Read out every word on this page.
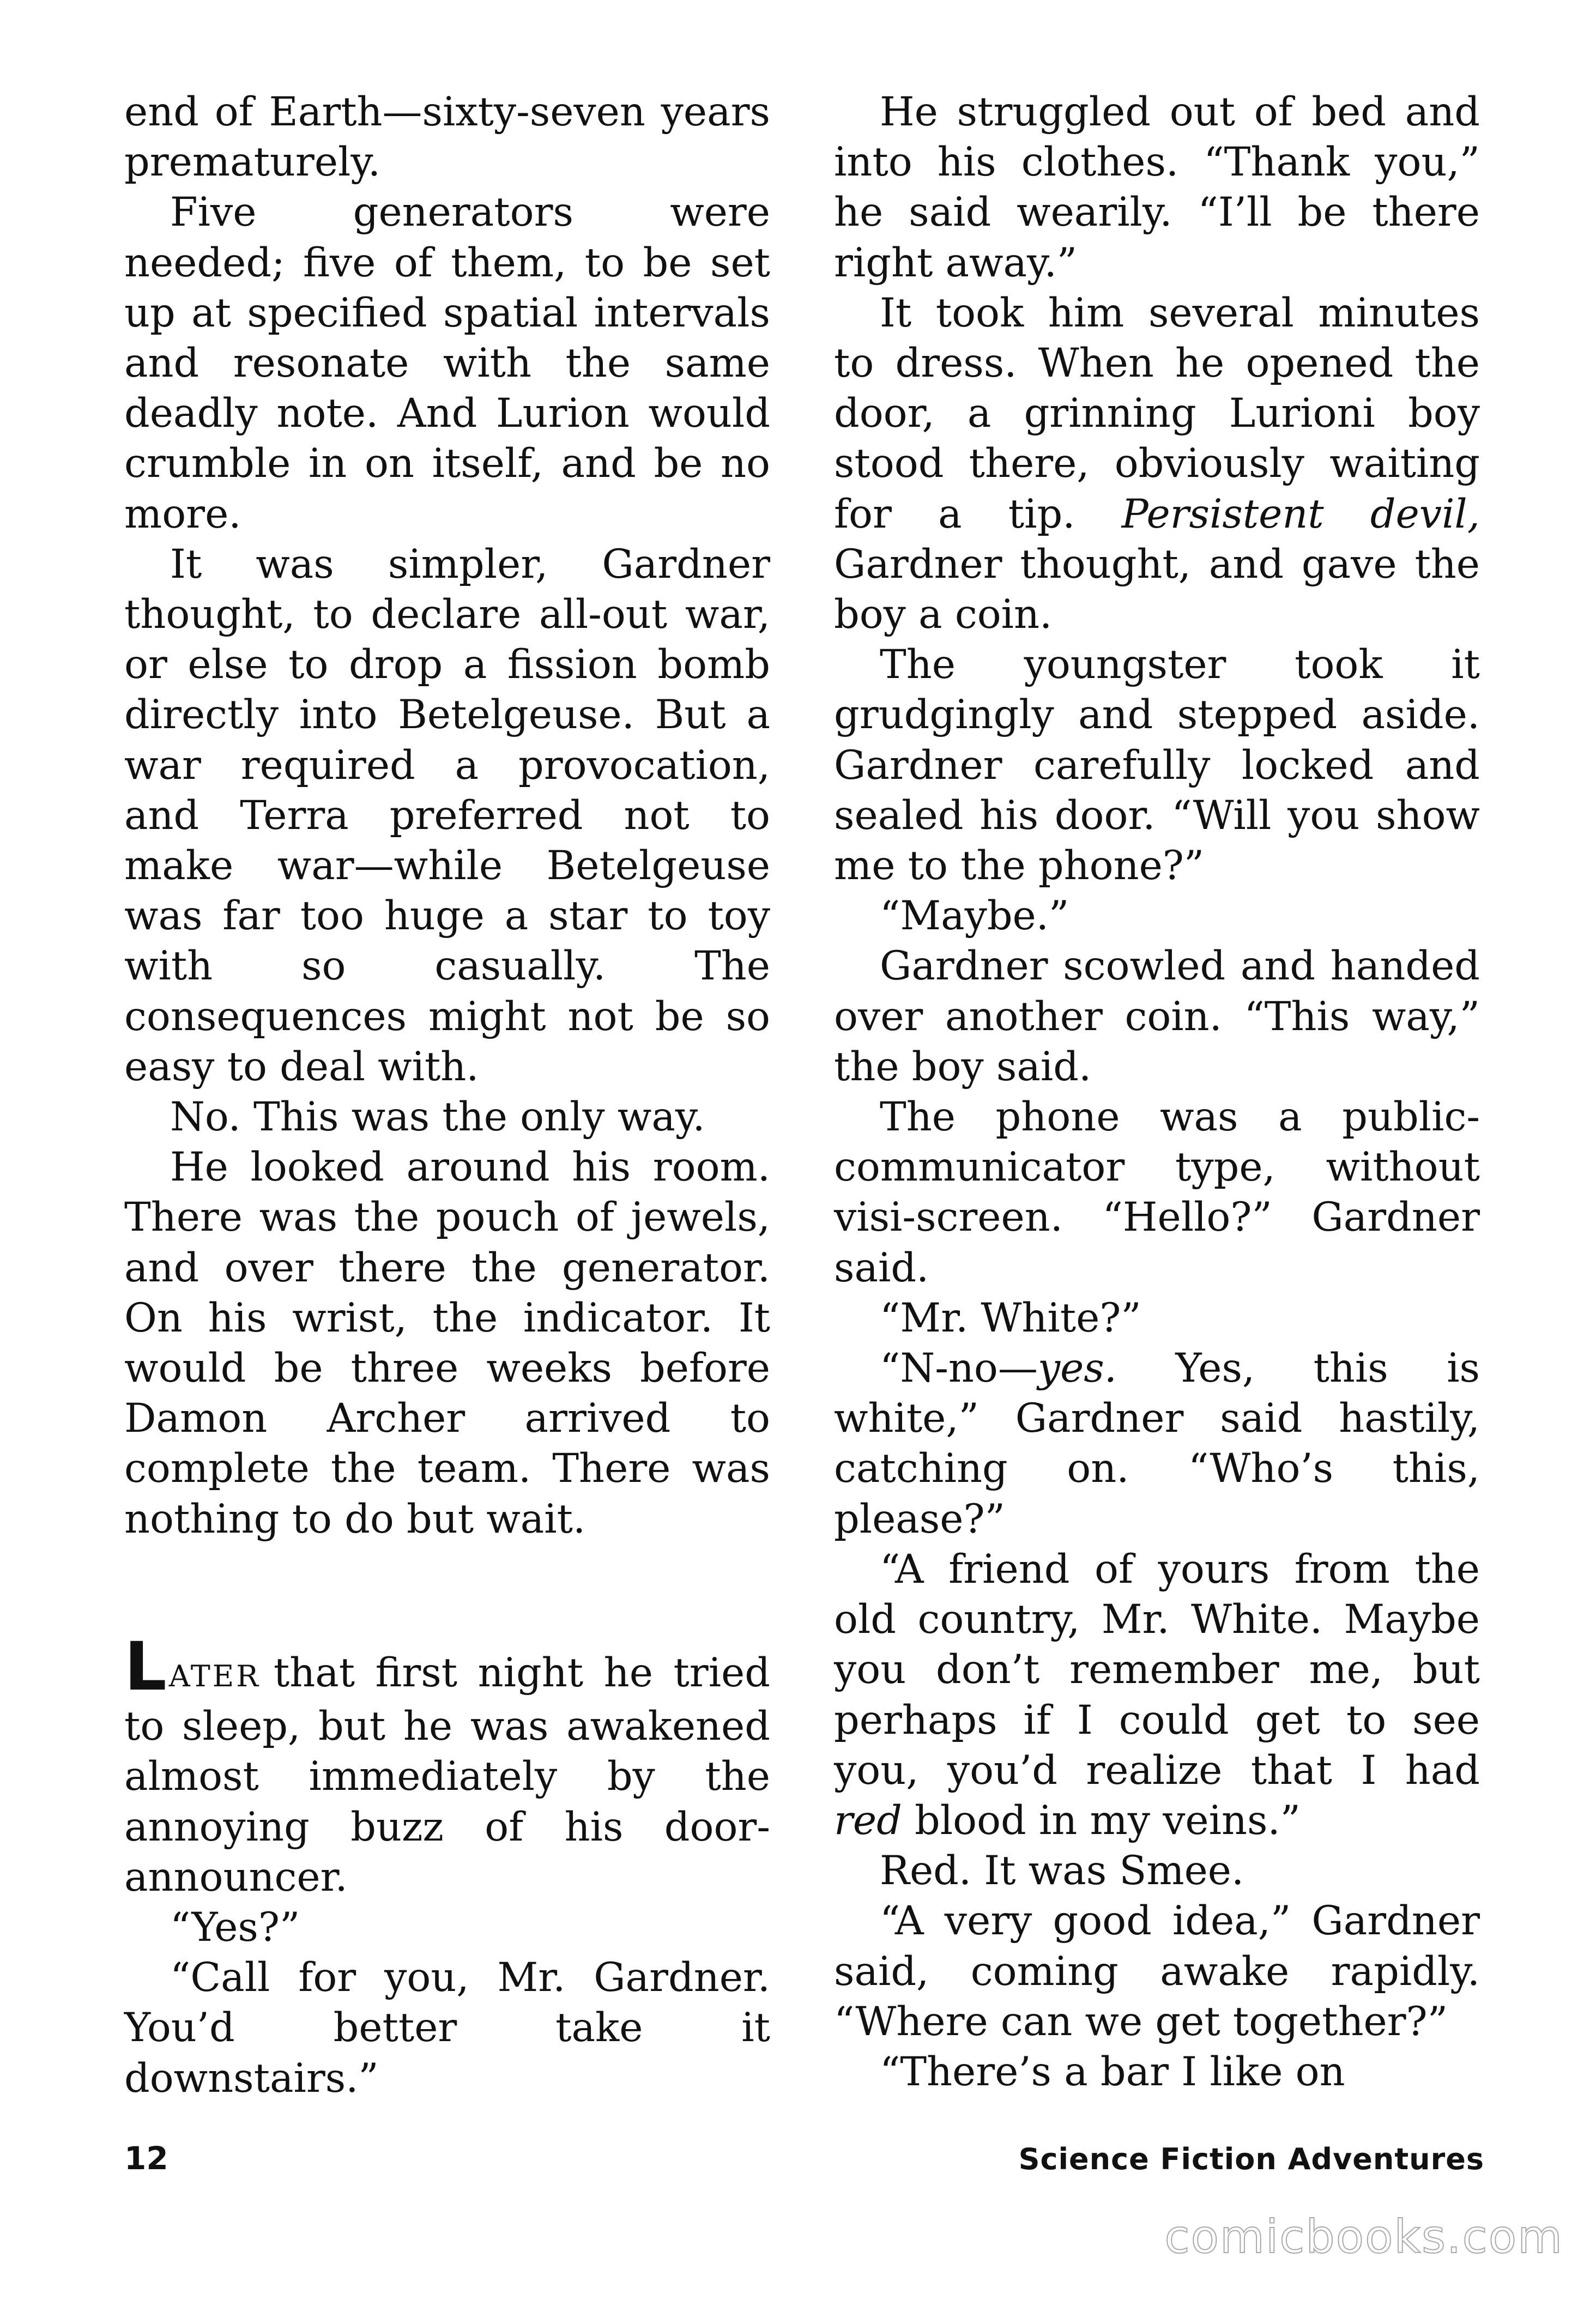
end of Earth—sixty-seven years prematurely.

Five generators were needed; five of them, to be set up at specified spatial intervals and resonate with the same deadly note. And Lurion would crumble in on itself, and be no more.

It was simpler, Gardner thought, to declare all-out war, or else to drop a fission bomb directly into Betelgeuse. But a war required a provocation, and Terra preferred not to make war—while Betelgeuse was far too huge a star to toy with so casually. The consequences might not be so easy to deal with.

No. This was the only way.

He looked around his room. There was the pouch of jewels, and over there the generator. On his wrist, the indicator. It would be three weeks before Damon Archer arrived to complete the team. There was nothing to do but wait.

LATER that first night he tried to sleep, but he was awakened almost immediately by the annoying buzz of his door-announcer.

“Yes?”

“Call for you, Mr. Gardner. You’d better take it downstairs.”

He struggled out of bed and into his clothes. “Thank you,” he said wearily. “I’ll be there right away.”

It took him several minutes to dress. When he opened the door, a grinning Lurioni boy stood there, obviously waiting for a tip. Persistent devil, Gardner thought, and gave the boy a coin.

The youngster took it grudgingly and stepped aside. Gardner carefully locked and sealed his door. “Will you show me to the phone?”

“Maybe.”

Gardner scowled and handed over another coin. “This way,” the boy said.

The phone was a public-communicator type, without visi-screen. “Hello?” Gardner said.

“Mr. White?”

“N-no—yes. Yes, this is white,” Gardner said hastily, catching on. “Who’s this, please?”

“A friend of yours from the old country, Mr. White. Maybe you don’t remember me, but perhaps if I could get to see you, you’d realize that I had red blood in my veins.”

Red. It was Smee.

“A very good idea,” Gardner said, coming awake rapidly. “Where can we get together?”

“There’s a bar I like on

12	Science Fiction Adventures
comicbooks.com
